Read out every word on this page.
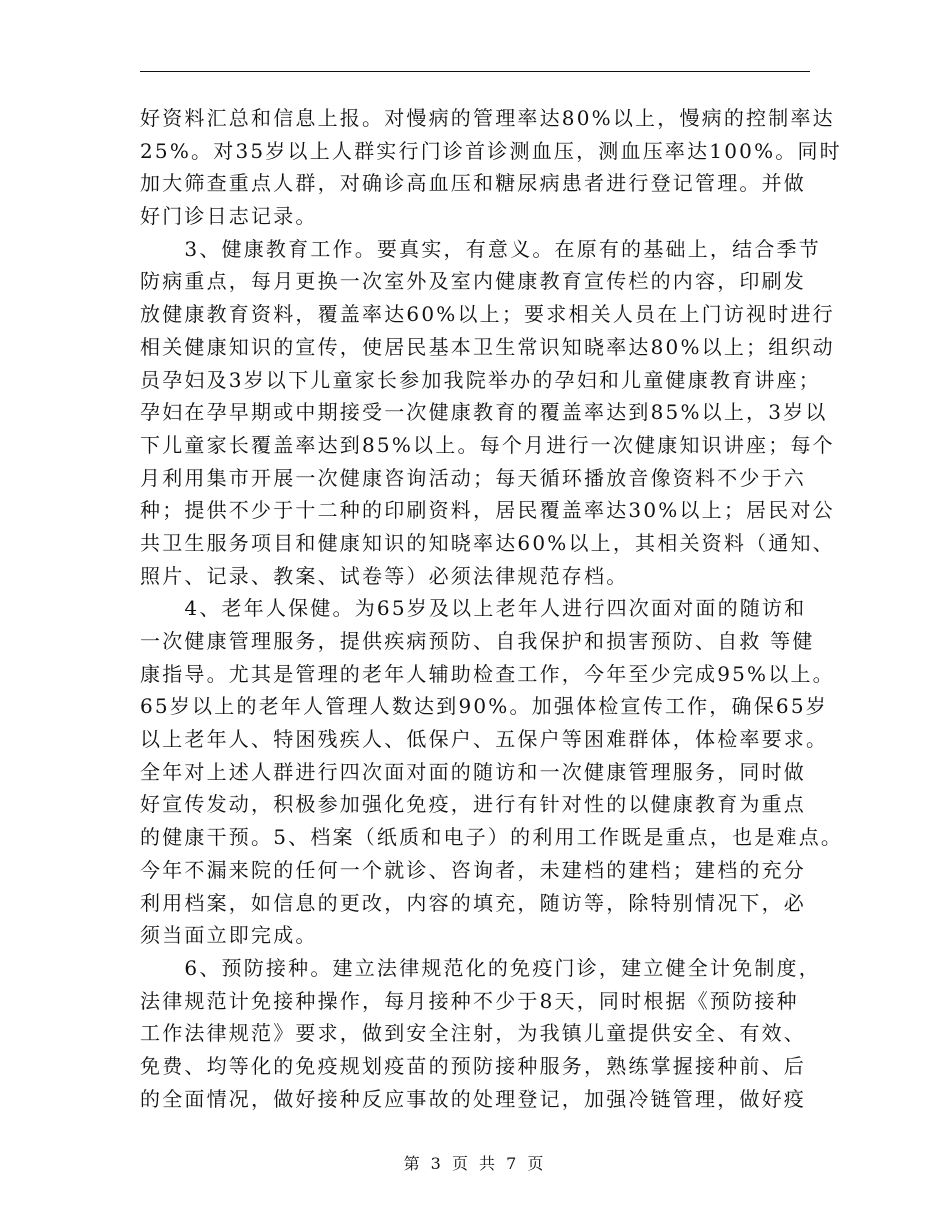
好资料汇总和信息上报。对慢病的管理率达80%以上，慢病的控制率达
25%。对35岁以上人群实行门诊首诊测血压，测血压率达100%。同时
加大筛查重点人群，对确诊高血压和糖尿病患者进行登记管理。并做
好门诊日志记录。
　　3、健康教育工作。要真实，有意义。在原有的基础上，结合季节
防病重点，每月更换一次室外及室内健康教育宣传栏的内容，印刷发
放健康教育资料，覆盖率达60%以上；要求相关人员在上门访视时进行
相关健康知识的宣传，使居民基本卫生常识知晓率达80%以上；组织动
员孕妇及3岁以下儿童家长参加我院举办的孕妇和儿童健康教育讲座；
孕妇在孕早期或中期接受一次健康教育的覆盖率达到85%以上，3岁以
下儿童家长覆盖率达到85%以上。每个月进行一次健康知识讲座；每个
月利用集市开展一次健康咨询活动；每天循环播放音像资料不少于六
种；提供不少于十二种的印刷资料，居民覆盖率达30%以上；居民对公
共卫生服务项目和健康知识的知晓率达60%以上，其相关资料（通知、
照片、记录、教案、试卷等）必须法律规范存档。
　　4、老年人保健。为65岁及以上老年人进行四次面对面的随访和
一次健康管理服务，提供疾病预防、自我保护和损害预防、自救 等健
康指导。尤其是管理的老年人辅助检查工作，今年至少完成95%以上。
65岁以上的老年人管理人数达到90%。加强体检宣传工作，确保65岁
以上老年人、特困残疾人、低保户、五保户等困难群体，体检率要求。
全年对上述人群进行四次面对面的随访和一次健康管理服务，同时做
好宣传发动，积极参加强化免疫，进行有针对性的以健康教育为重点
的健康干预。5、档案（纸质和电子）的利用工作既是重点，也是难点。
今年不漏来院的任何一个就诊、咨询者，未建档的建档；建档的充分
利用档案，如信息的更改，内容的填充，随访等，除特别情况下，必
须当面立即完成。
　　6、预防接种。建立法律规范化的免疫门诊，建立健全计免制度，
法律规范计免接种操作，每月接种不少于8天，同时根据《预防接种
工作法律规范》要求，做到安全注射，为我镇儿童提供安全、有效、
免费、均等化的免疫规划疫苗的预防接种服务，熟练掌握接种前、后
的全面情况，做好接种反应事故的处理登记，加强冷链管理，做好疫
第 3 页 共 7 页
